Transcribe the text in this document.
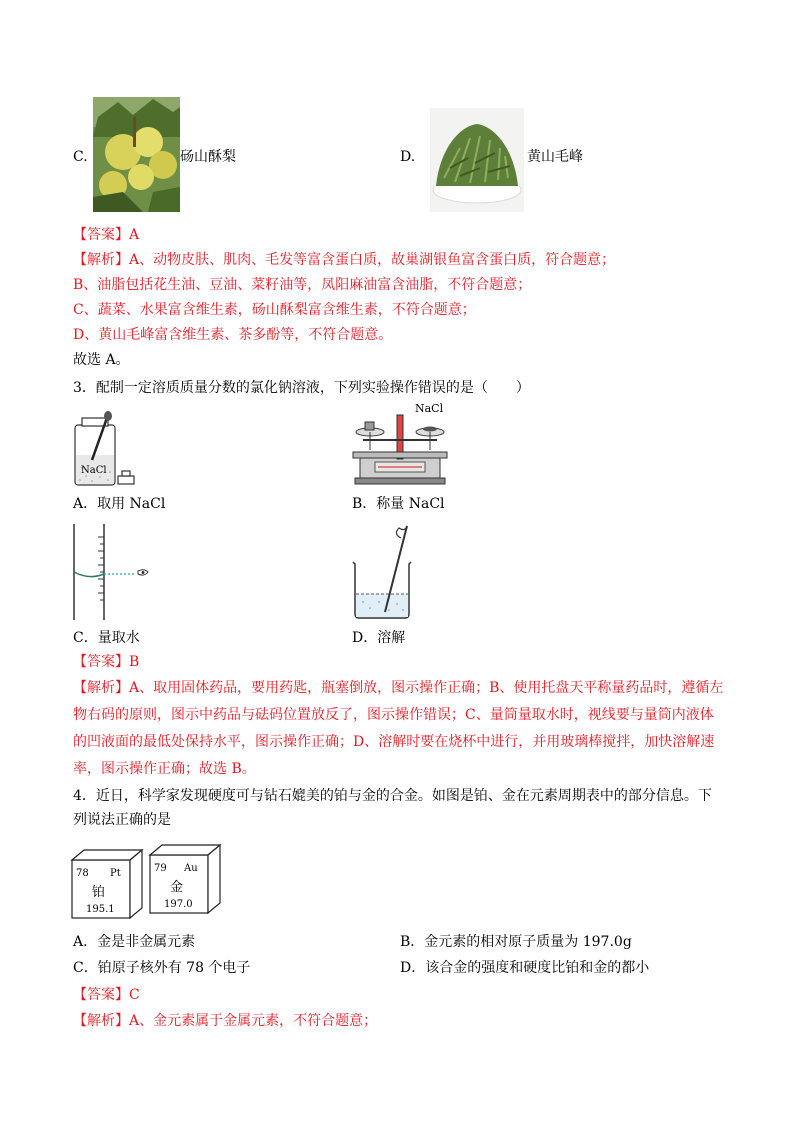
C.	砀山酥梨	D.	黄山毛峰
【答案】A
【解析】A、动物皮肤、肌肉、毛发等富含蛋白质，故巢湖银鱼富含蛋白质，符合题意；
B、油脂包括花生油、豆油、菜籽油等，凤阳麻油富含油脂，不符合题意；
C、蔬菜、水果富含维生素，砀山酥梨富含维生素，不符合题意；
D、黄山毛峰富含维生素、茶多酚等，不符合题意。
故选 A。
3．配制一定溶质质量分数的氯化钠溶液，下列实验操作错误的是（　　）
NaCl
NaCl
A．取用 NaCl	B．称量 NaCl
C．量取水	D．溶解
【答案】B
【解析】A、取用固体药品，要用药匙，瓶塞倒放，图示操作正确；B、使用托盘天平称量药品时，遵循左
物右码的原则，图示中药品与砝码位置放反了，图示操作错误；C、量筒量取水时，视线要与量筒内液体
的凹液面的最低处保持水平，图示操作正确；D、溶解时要在烧杯中进行，并用玻璃棒搅拌，加快溶解速
率，图示操作正确；故选 B。
4．近日，科学家发现硬度可与钻石媲美的铂与金的合金。如图是铂、金在元素周期表中的部分信息。下
列说法正确的是
78 Pt
铂
195.1
79 Au
金
197.0
A．金是非金属元素	B．金元素的相对原子质量为 197.0g
C．铂原子核外有 78 个电子	D．该合金的强度和硬度比铂和金的都小
【答案】C
【解析】A、金元素属于金属元素，不符合题意；
